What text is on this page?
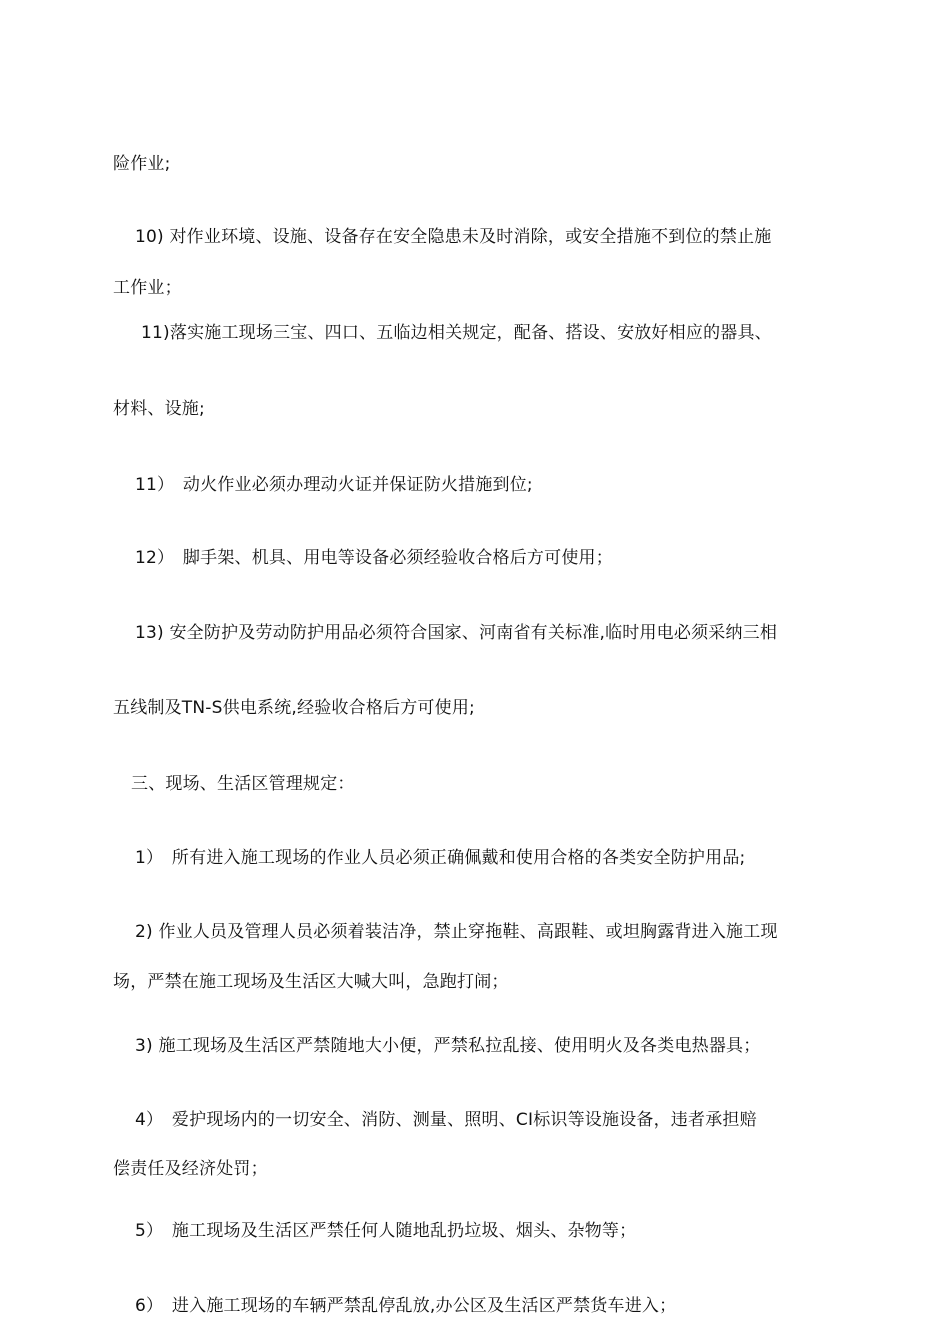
险作业;

10) 对作业环境、设施、设备存在安全隐患未及时消除，或安全措施不到位的禁止施

工作业；

11)落实施工现场三宝、四口、五临边相关规定，配备、搭设、安放好相应的器具、

材料、设施;

11）　动火作业必须办理动火证并保证防火措施到位;

12）　脚手架、机具、用电等设备必须经验收合格后方可使用；

13) 安全防护及劳动防护用品必须符合国家、河南省有关标准,临时用电必须采纳三相

五线制及TN-S供电系统,经验收合格后方可使用;

三、现场、生活区管理规定：

1）　所有进入施工现场的作业人员必须正确佩戴和使用合格的各类安全防护用品;

2) 作业人员及管理人员必须着装洁净，禁止穿拖鞋、高跟鞋、或坦胸露背进入施工现

场，严禁在施工现场及生活区大喊大叫，急跑打闹；

3) 施工现场及生活区严禁随地大小便，严禁私拉乱接、使用明火及各类电热器具；

4）　爱护现场内的一切安全、消防、测量、照明、CI标识等设施设备，违者承担赔

偿责任及经济处罚；

5）　施工现场及生活区严禁任何人随地乱扔垃圾、烟头、杂物等；

6）　进入施工现场的车辆严禁乱停乱放,办公区及生活区严禁货车进入；
